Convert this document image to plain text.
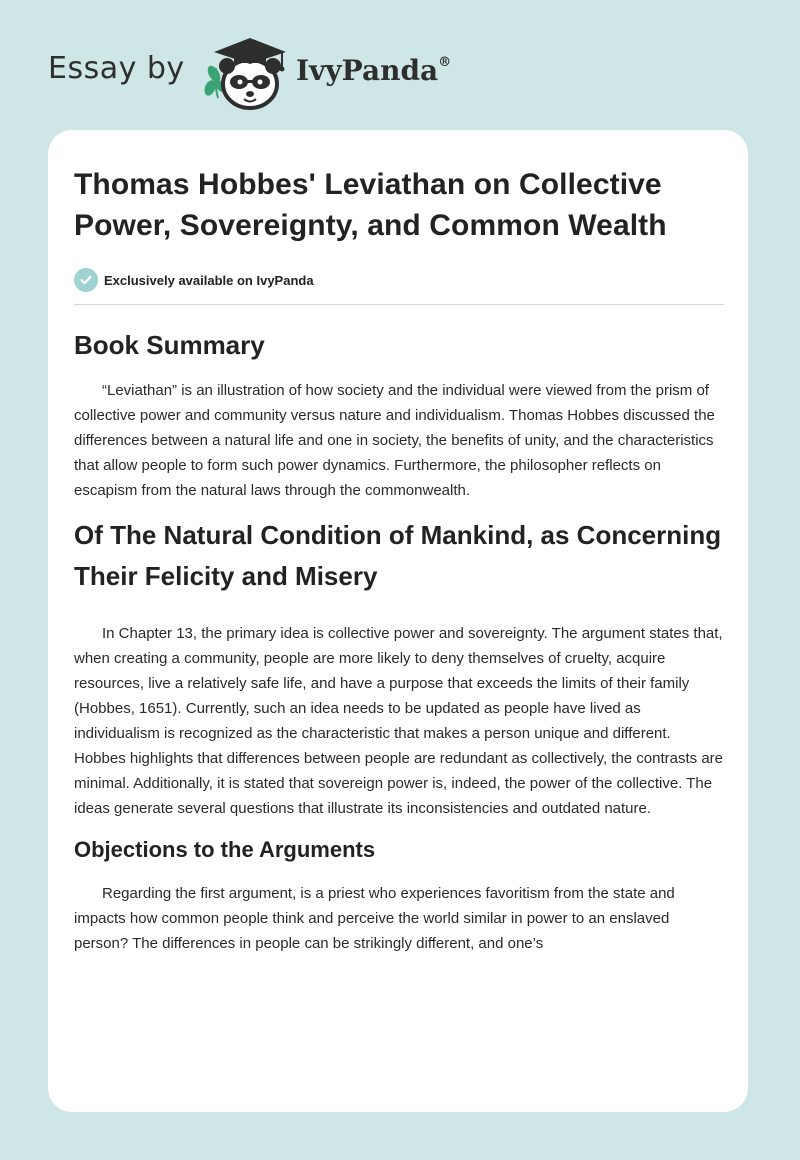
Essay by	IvyPanda®
Thomas Hobbes' Leviathan on Collective Power, Sovereignty, and Common Wealth
Exclusively available on IvyPanda
Book Summary

“Leviathan” is an illustration of how society and the individual were viewed from the prism of collective power and community versus nature and individualism. Thomas Hobbes discussed the differences between a natural life and one in society, the benefits of unity, and the characteristics that allow people to form such power dynamics. Furthermore, the philosopher reflects on escapism from the natural laws through the commonwealth.

Of The Natural Condition of Mankind, as Concerning Their Felicity and Misery

In Chapter 13, the primary idea is collective power and sovereignty. The argument states that, when creating a community, people are more likely to deny themselves of cruelty, acquire resources, live a relatively safe life, and have a purpose that exceeds the limits of their family (Hobbes, 1651). Currently, such an idea needs to be updated as people have lived as individualism is recognized as the characteristic that makes a person unique and different. Hobbes highlights that differences between people are redundant as collectively, the contrasts are minimal. Additionally, it is stated that sovereign power is, indeed, the power of the collective. The ideas generate several questions that illustrate its inconsistencies and outdated nature.

Objections to the Arguments

Regarding the first argument, is a priest who experiences favoritism from the state and impacts how common people think and perceive the world similar in power to an enslaved person? The differences in people can be strikingly different, and one’s
